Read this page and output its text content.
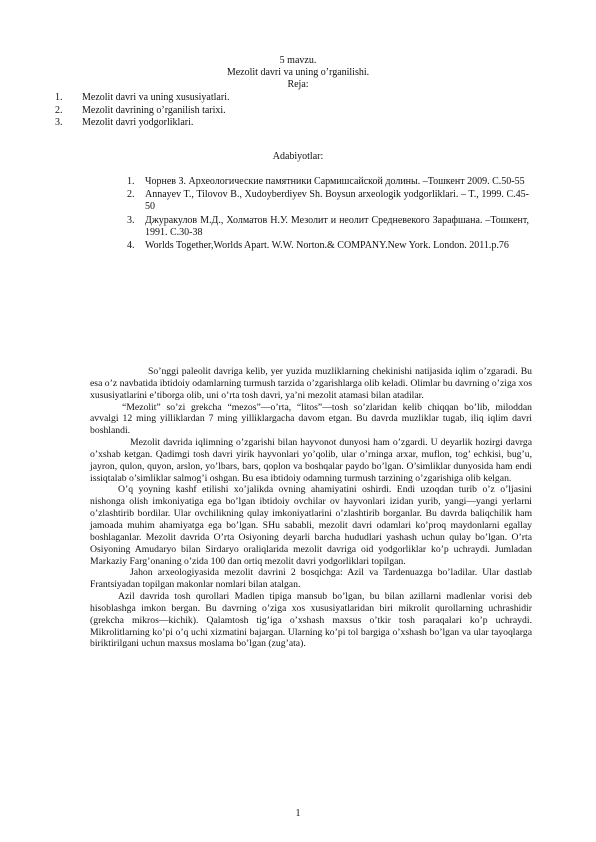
5 mavzu.
Mezolit davri va uning o’rganilishi.
Reja:
1. Mezolit davri va uning xususiyatlari.
2. Mezolit davrining o’rganilish tarixi.
3. Mezolit davri yodgorliklari.
Adabiyotlar:
1. Чорнев З. Археологические памятники Сармишсайской долины. –Тошкент 2009. С.50-55
2. Annayev T., Tilovov B., Xudoyberdiyev Sh. Boysun arxeologik yodgorliklari. – T., 1999. C.45-50
3. Джуракулов М.Д., Холматов Н.У. Мезолит и неолит Среднeвекого Зарафшана. –Тошкент, 1991. С.30-38
4. Worlds Together,Worlds Apart. W.W. Norton.& COMPANY.New York. London. 2011.p.76

So’nggi paleolit davriga kelib, yer yuzida muzliklarning chekinishi natijasida iqlim o’zgaradi. Bu esa o’z navbatida ibtidoiy odamlarning turmush tarzida o’zgarishlarga olib keladi. Olimlar bu davrning o’ziga xos xususiyatlarini e’tiborga olib, uni o’rta tosh davri, ya’ni mezolit atamasi bilan atadilar.

“Mezolit” so’zi grekcha “mezos”—o’rta, “litos”—tosh so’zlaridan kelib chiqqan bo’lib, miloddan avvalgi 12 ming yilliklardan 7 ming yilliklargacha davom etgan. Bu davrda muzliklar tugab, iliq iqlim davri boshlandi.

Mezolit davrida iqlimning o’zgarishi bilan hayvonot dunyosi ham o’zgardi. U deyarlik hozirgi davrga o’xshab ketgan. Qadimgi tosh davri yirik hayvonlari yo’qolib, ular o’rninga arxar, muflon, tog’ echkisi, bug’u, jayron, qulon, quyon, arslon, yo’lbars, bars, qoplon va boshqalar paydo bo’lgan. O’simliklar dunyosida ham endi issiqtalab o’simliklar salmog’i oshgan. Bu esa ibtidoiy odamning turmush tarzining o’zgarishiga olib kelgan.

O’q yoyning kashf etilishi xo’jalikda ovning ahamiyatini oshirdi. Endi uzoqdan turib o’z o’ljasini nishonga olish imkoniyatiga ega bo’lgan ibtidoiy ovchilar ov hayvonlari izidan yurib, yangi—yangi yerlarni o’zlashtirib bordilar. Ular ovchilikning qulay imkoniyatlarini o’zlashtirib borganlar. Bu davrda baliqchilik ham jamoada muhim ahamiyatga ega bo’lgan. SHu sababli, mezolit davri odamlari ko’proq maydonlarni egallay boshlaganlar. Mezolit davrida O’rta Osiyoning deyarli barcha hududlari yashash uchun qulay bo’lgan. O’rta Osiyoning Amudaryo bilan Sirdaryo oraliqlarida mezolit davriga oid yodgorliklar ko’p uchraydi. Jumladan Markaziy Farg’onaning o’zida 100 dan ortiq mezolit davri yodgorliklari topilgan.

Jahon arxeologiyasida mezolit davrini 2 bosqichga: Azil va Tardenuazga bo’ladilar. Ular dastlab Frantsiyadan topilgan makonlar nomlari bilan atalgan.

Azil davrida tosh qurollari Madlen tipiga mansub bo’lgan, bu bilan azillarni madlenlar vorisi deb hisoblashga imkon bergan. Bu davrning o’ziga xos xususiyatlaridan biri mikrolit qurollarning uchrashidir (grekcha mikros—kichik). Qalamtosh tig’iga o’xshash maxsus o’tkir tosh paraqalari ko’p uchraydi. Mikrolitlarning ko’pi o’q uchi xizmatini bajargan. Ularning ko’pi tol bargiga o’xshash bo’lgan va ular tayoqlarga biriktirilgani uchun maxsus moslama bo’lgan (zug’ata).

1
